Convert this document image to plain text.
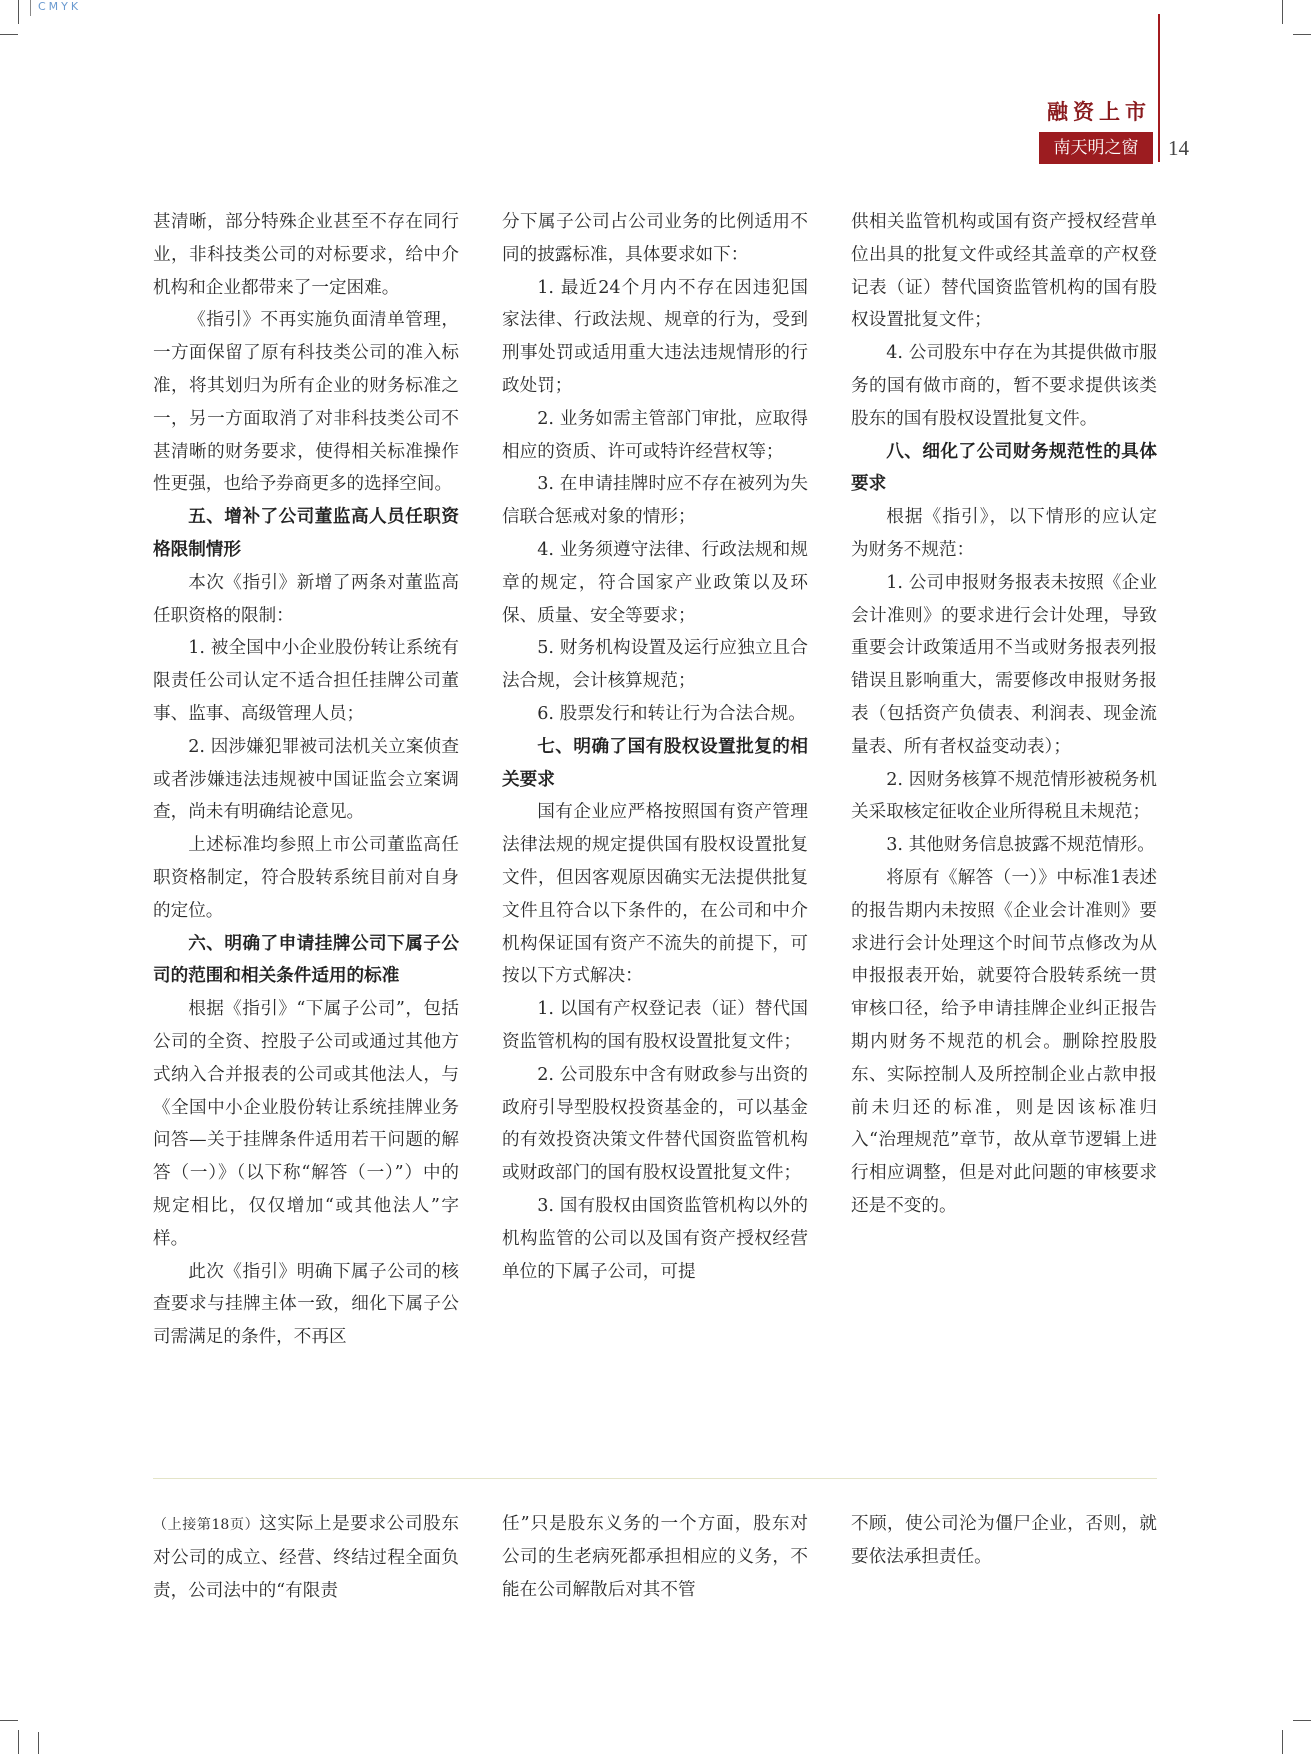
CMYK
融资上市
南天明之窗	14

甚清晰，部分特殊企业甚至不存在同行业，非科技类公司的对标要求，给中介机构和企业都带来了一定困难。

《指引》不再实施负面清单管理，一方面保留了原有科技类公司的准入标准，将其划归为所有企业的财务标准之一，另一方面取消了对非科技类公司不甚清晰的财务要求，使得相关标准操作性更强，也给予券商更多的选择空间。

五、增补了公司董监高人员任职资格限制情形

本次《指引》新增了两条对董监高任职资格的限制：

1. 被全国中小企业股份转让系统有限责任公司认定不适合担任挂牌公司董事、监事、高级管理人员；

2. 因涉嫌犯罪被司法机关立案侦查或者涉嫌违法违规被中国证监会立案调查，尚未有明确结论意见。

上述标准均参照上市公司董监高任职资格制定，符合股转系统目前对自身的定位。

六、明确了申请挂牌公司下属子公司的范围和相关条件适用的标准

根据《指引》“下属子公司”，包括公司的全资、控股子公司或通过其他方式纳入合并报表的公司或其他法人，与《全国中小企业股份转让系统挂牌业务问答—关于挂牌条件适用若干问题的解答（一）》（以下称“解答（一）”）中的规定相比，仅仅增加“或其他法人”字样。

此次《指引》明确下属子公司的核查要求与挂牌主体一致，细化下属子公司需满足的条件，不再区

分下属子公司占公司业务的比例适用不同的披露标准，具体要求如下：

1. 最近24个月内不存在因违犯国家法律、行政法规、规章的行为，受到刑事处罚或适用重大违法违规情形的行政处罚；

2. 业务如需主管部门审批，应取得相应的资质、许可或特许经营权等；

3. 在申请挂牌时应不存在被列为失信联合惩戒对象的情形；

4. 业务须遵守法律、行政法规和规章的规定，符合国家产业政策以及环保、质量、安全等要求；

5. 财务机构设置及运行应独立且合法合规，会计核算规范；

6. 股票发行和转让行为合法合规。

七、明确了国有股权设置批复的相关要求

国有企业应严格按照国有资产管理法律法规的规定提供国有股权设置批复文件，但因客观原因确实无法提供批复文件且符合以下条件的，在公司和中介机构保证国有资产不流失的前提下，可按以下方式解决：

1. 以国有产权登记表（证）替代国资监管机构的国有股权设置批复文件；

2. 公司股东中含有财政参与出资的政府引导型股权投资基金的，可以基金的有效投资决策文件替代国资监管机构或财政部门的国有股权设置批复文件；

3. 国有股权由国资监管机构以外的机构监管的公司以及国有资产授权经营单位的下属子公司，可提

供相关监管机构或国有资产授权经营单位出具的批复文件或经其盖章的产权登记表（证）替代国资监管机构的国有股权设置批复文件；

4. 公司股东中存在为其提供做市服务的国有做市商的，暂不要求提供该类股东的国有股权设置批复文件。

八、细化了公司财务规范性的具体要求

根据《指引》，以下情形的应认定为财务不规范：

1. 公司申报财务报表未按照《企业会计准则》的要求进行会计处理，导致重要会计政策适用不当或财务报表列报错误且影响重大，需要修改申报财务报表（包括资产负债表、利润表、现金流量表、所有者权益变动表）；

2. 因财务核算不规范情形被税务机关采取核定征收企业所得税且未规范；

3. 其他财务信息披露不规范情形。

将原有《解答（一）》中标准1表述的报告期内未按照《企业会计准则》要求进行会计处理这个时间节点修改为从申报报表开始，就要符合股转系统一贯审核口径，给予申请挂牌企业纠正报告期内财务不规范的机会。删除控股股东、实际控制人及所控制企业占款申报前未归还的标准，则是因该标准归入“治理规范”章节，故从章节逻辑上进行相应调整，但是对此问题的审核要求还是不变的。

（上接第18页）这实际上是要求公司股东对公司的成立、经营、终结过程全面负责，公司法中的“有限责

任”只是股东义务的一个方面，股东对公司的生老病死都承担相应的义务，不能在公司解散后对其不管

不顾，使公司沦为僵尸企业，否则，就要依法承担责任。
